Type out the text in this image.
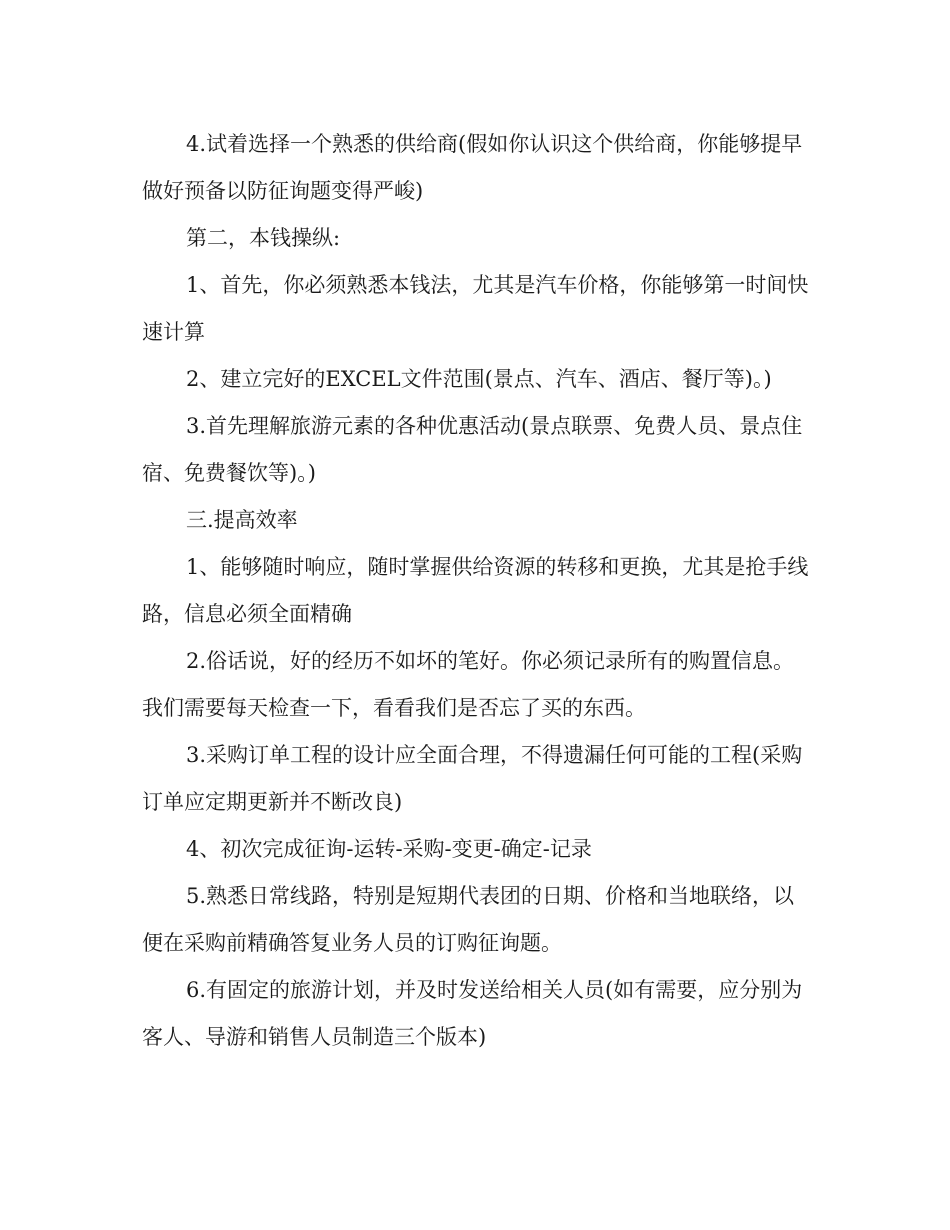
4.试着选择一个熟悉的供给商(假如你认识这个供给商，你能够提早做好预备以防征询题变得严峻)

第二，本钱操纵:

1、首先，你必须熟悉本钱法，尤其是汽车价格，你能够第一时间快速计算

2、建立完好的EXCEL文件范围(景点、汽车、酒店、餐厅等)。)

3.首先理解旅游元素的各种优惠活动(景点联票、免费人员、景点住宿、免费餐饮等)。)

三.提高效率

1、能够随时响应，随时掌握供给资源的转移和更换，尤其是抢手线路，信息必须全面精确

2.俗话说，好的经历不如坏的笔好。你必须记录所有的购置信息。我们需要每天检查一下，看看我们是否忘了买的东西。

3.采购订单工程的设计应全面合理，不得遗漏任何可能的工程(采购订单应定期更新并不断改良)

4、初次完成征询-运转-采购-变更-确定-记录

5.熟悉日常线路，特别是短期代表团的日期、价格和当地联络，以便在采购前精确答复业务人员的订购征询题。

6.有固定的旅游计划，并及时发送给相关人员(如有需要，应分别为客人、导游和销售人员制造三个版本)
